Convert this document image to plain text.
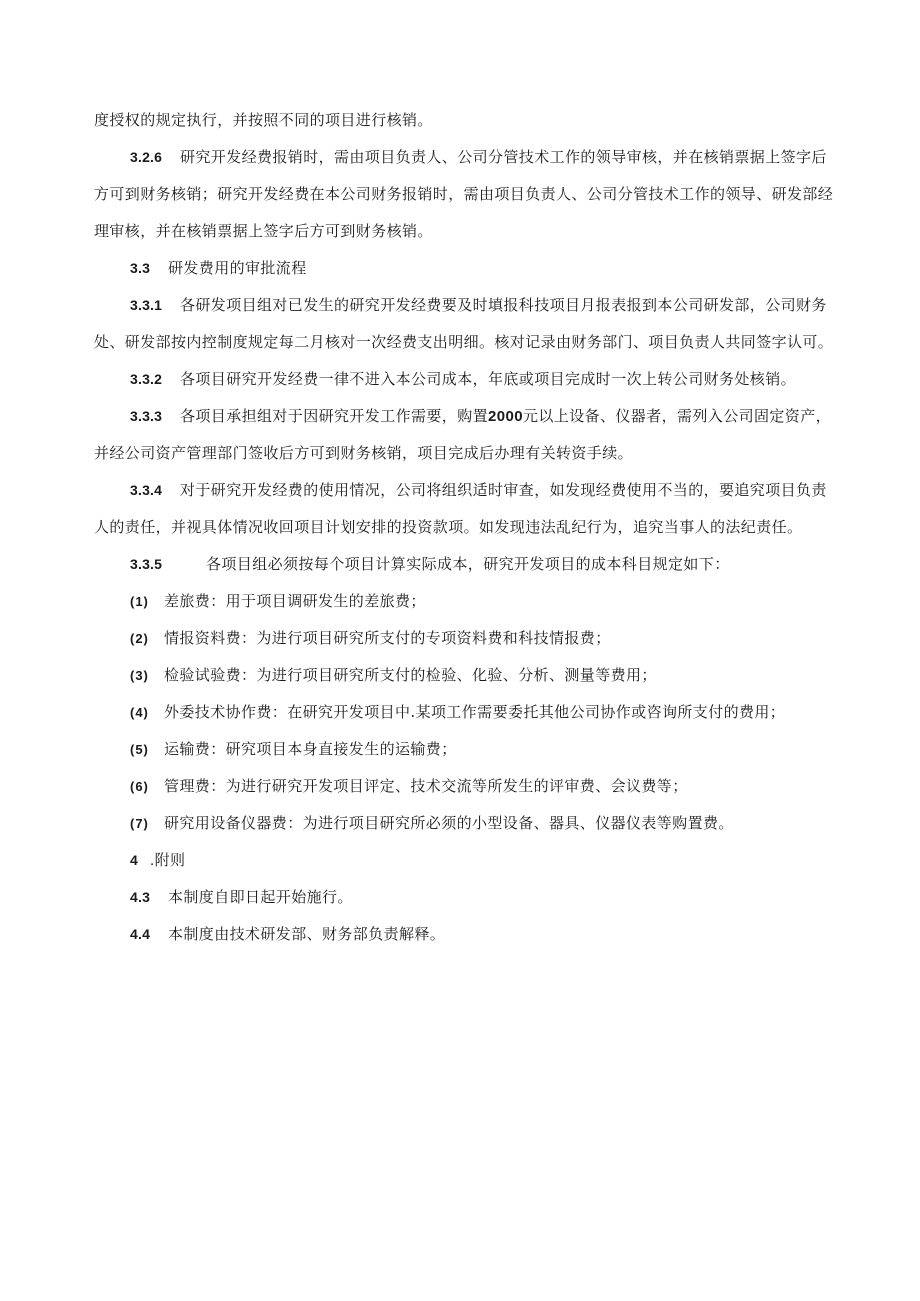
度授权的规定执行，并按照不同的项目进行核销。

3.2.6 研究开发经费报销时，需由项目负责人、公司分管技术工作的领导审核，并在核销票据上签字后方可到财务核销；研究开发经费在本公司财务报销时，需由项目负责人、公司分管技术工作的领导、研发部经理审核，并在核销票据上签字后方可到财务核销。

3.3 研发费用的审批流程

3.3.1 各研发项目组对已发生的研究开发经费要及时填报科技项目月报表报到本公司研发部，公司财务处、研发部按内控制度规定每二月核对一次经费支出明细。核对记录由财务部门、项目负责人共同签字认可。

3.3.2 各项目研究开发经费一律不进入本公司成本，年底或项目完成时一次上转公司财务处核销。

3.3.3 各项目承担组对于因研究开发工作需要，购置2000元以上设备、仪器者，需列入公司固定资产，并经公司资产管理部门签收后方可到财务核销，项目完成后办理有关转资手续。

3.3.4 对于研究开发经费的使用情况，公司将组织适时审查，如发现经费使用不当的，要追究项目负责人的责任，并视具体情况收回项目计划安排的投资款项。如发现违法乱纪行为，追究当事人的法纪责任。

3.3.5	各项目组必须按每个项目计算实际成本，研究开发项目的成本科目规定如下：

(1) 差旅费：用于项目调研发生的差旅费；

(2) 情报资料费：为进行项目研究所支付的专项资料费和科技情报费；

(3) 检验试验费：为进行项目研究所支付的检验、化验、分析、测量等费用；

(4) 外委技术协作费：在研究开发项目中.某项工作需要委托其他公司协作或咨询所支付的费用；

(5) 运输费：研究项目本身直接发生的运输费；

(6) 管理费：为进行研究开发项目评定、技术交流等所发生的评审费、会议费等；

(7) 研究用设备仪器费：为进行项目研究所必须的小型设备、器具、仪器仪表等购置费。

4 .附则

4.3 本制度自即日起开始施行。

4.4 本制度由技术研发部、财务部负责解释。
